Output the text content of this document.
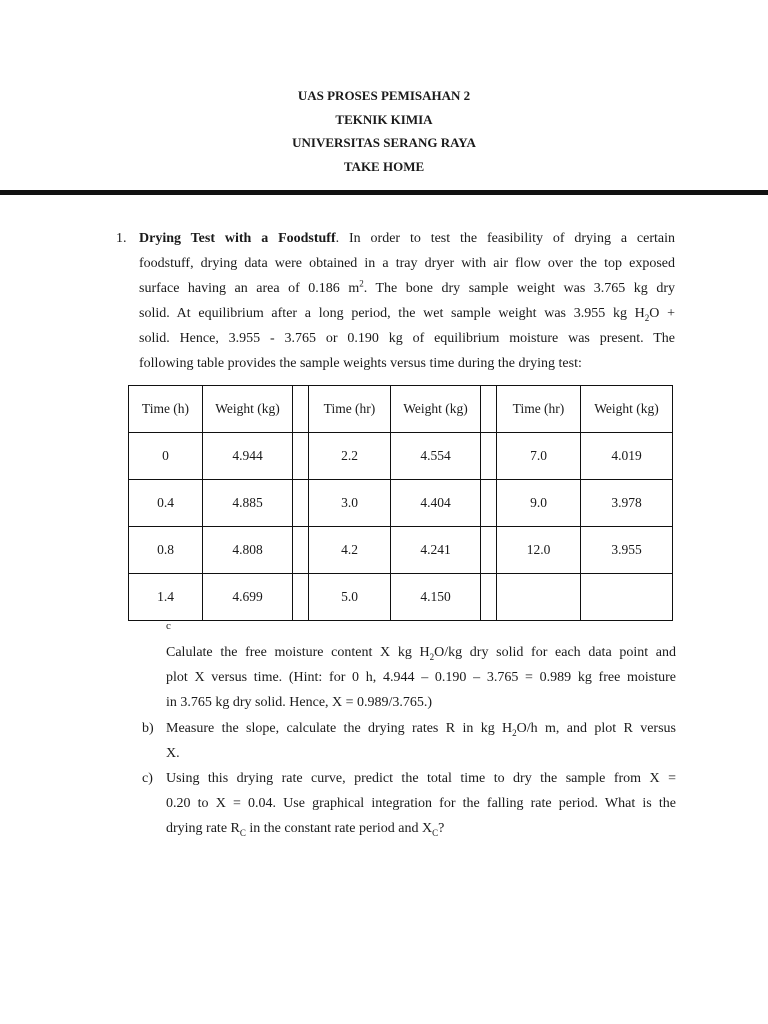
UAS PROSES PEMISAHAN 2
TEKNIK KIMIA
UNIVERSITAS SERANG RAYA
TAKE HOME
1. Drying Test with a Foodstuff. In order to test the feasibility of drying a certain
foodstuff, drying data were obtained in a tray dryer with air flow over the top exposed
surface having an area of 0.186 $m^2$. The bone dry sample weight was 3.765 kg dry
solid. At equilibrium after a long period, the wet sample weight was 3.955 kg $H_2O$ +
solid. Hence, 3.955 - 3.765 or 0.190 kg of equilibrium moisture was present. The
following table provides the sample weights versus time during the drying test:
Time (h)	Weight (kg)		Time (hr)	Weight (kg)		Time (hr)	Weight (kg)
0	4.944		2.2	4.554		7.0	4.019
0.4	4.885		3.0	4.404		9.0	3.978
0.8	4.808		4.2	4.241		12.0	3.955
1.4	4.699		5.0	4.150			
c
Calulate the free moisture content X kg $H_2O/kg$ dry solid for each data point and
plot X versus time. (Hint: for 0 h, 4.944 – 0.190 – 3.765 = 0.989 kg free moisture
in 3.765 kg dry solid. Hence, X = 0.989/3.765.)
b) Measure the slope, calculate the drying rates R in kg $H_2O/h$ m, and plot R versus
X.
c) Using this drying rate curve, predict the total time to dry the sample from X =
0.20 to X = 0.04. Use graphical integration for the falling rate period. What is the
drying rate $R_C$ in the constant rate period and $X_C$?
